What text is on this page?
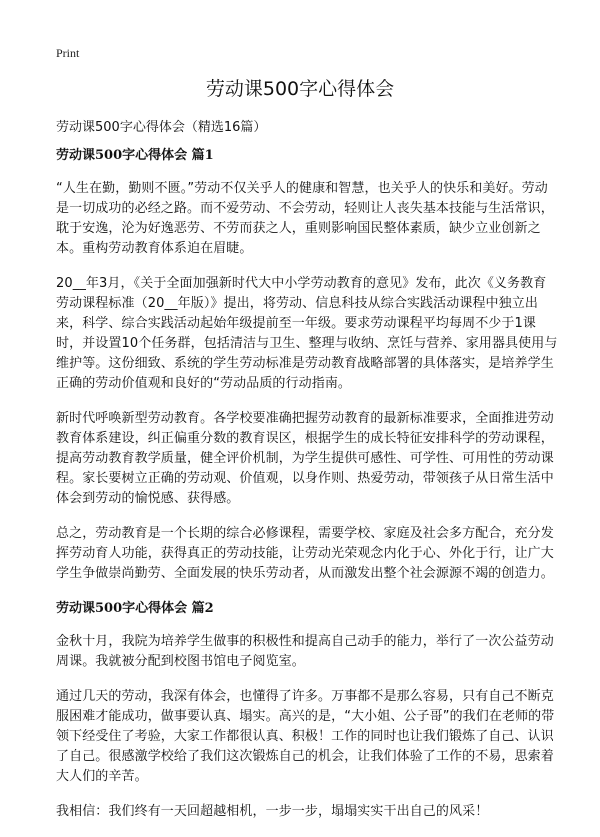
Print
劳动课500字心得体会

劳动课500字心得体会（精选16篇）

劳动课500字心得体会 篇1

“人生在勤，勤则不匮。”劳动不仅关乎人的健康和智慧，也关乎人的快乐和美好。劳动是一切成功的必经之路。而不爱劳动、不会劳动，轻则让人丧失基本技能与生活常识，耽于安逸，沦为好逸恶劳、不劳而获之人，重则影响国民整体素质，缺少立业创新之本。重构劳动教育体系迫在眉睫。

20__年3月，《关于全面加强新时代大中小学劳动教育的意见》发布，此次《义务教育劳动课程标准（20__年版）》提出，将劳动、信息科技从综合实践活动课程中独立出来，科学、综合实践活动起始年级提前至一年级。要求劳动课程平均每周不少于1课时，并设置10个任务群，包括清洁与卫生、整理与收纳、烹饪与营养、家用器具使用与维护等。这份细致、系统的学生劳动标准是劳动教育战略部署的具体落实，是培养学生正确的劳动价值观和良好的“劳动品质的行动指南。

新时代呼唤新型劳动教育。各学校要准确把握劳动教育的最新标准要求，全面推进劳动教育体系建设，纠正偏重分数的教育误区，根据学生的成长特征安排科学的劳动课程，提高劳动教育教学质量，健全评价机制，为学生提供可感性、可学性、可用性的劳动课程。家长要树立正确的劳动观、价值观，以身作则、热爱劳动，带领孩子从日常生活中体会到劳动的愉悦感、获得感。

总之，劳动教育是一个长期的综合必修课程，需要学校、家庭及社会多方配合，充分发挥劳动育人功能，获得真正的劳动技能，让劳动光荣观念内化于心、外化于行，让广大学生争做崇尚勤劳、全面发展的快乐劳动者，从而激发出整个社会源源不竭的创造力。

劳动课500字心得体会 篇2

金秋十月，我院为培养学生做事的积极性和提高自己动手的能力，举行了一次公益劳动周课。我就被分配到校图书馆电子阅览室。

通过几天的劳动，我深有体会，也懂得了许多。万事都不是那么容易，只有自己不断克服困难才能成功，做事要认真、塌实。高兴的是，“大小姐、公子哥”的我们在老师的带领下经受住了考验，大家工作都很认真、积极！工作的同时也让我们锻炼了自己、认识了自己。很感激学校给了我们这次锻炼自己的机会，让我们体验了工作的不易，思索着大人们的辛苦。

我相信：我们终有一天回超越相机，一步一步，塌塌实实干出自己的风采！
